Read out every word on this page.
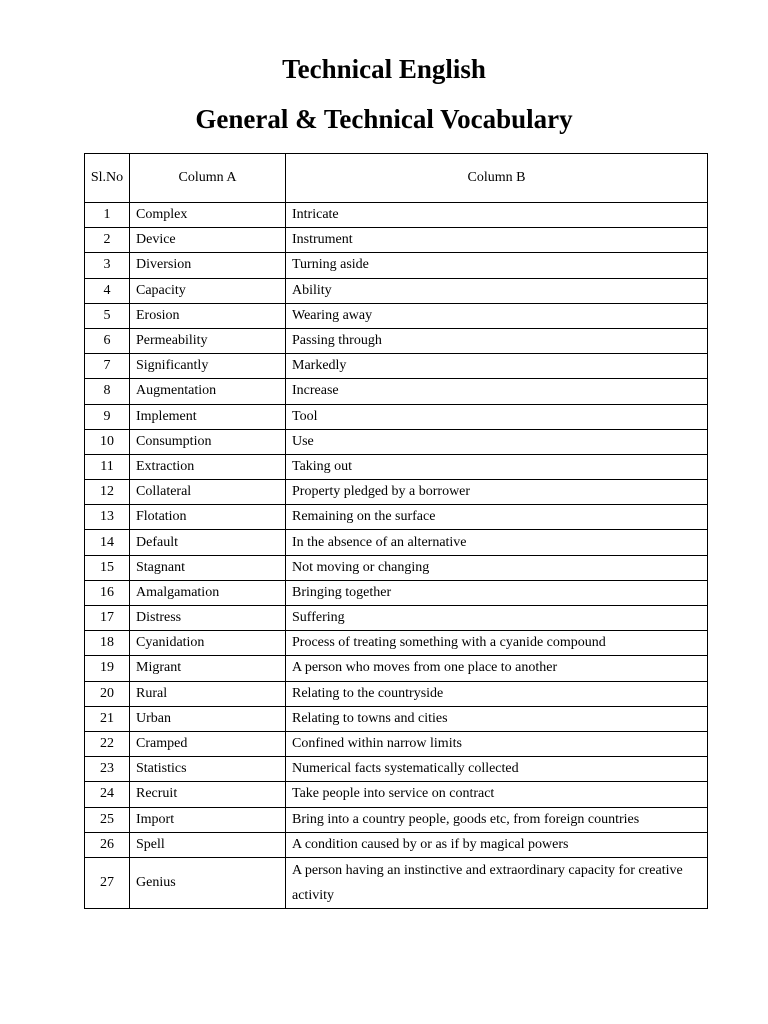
Technical English
General & Technical Vocabulary
Sl.No	Column A	Column B
1	Complex	Intricate
2	Device	Instrument
3	Diversion	Turning aside
4	Capacity	Ability
5	Erosion	Wearing away
6	Permeability	Passing through
7	Significantly	Markedly
8	Augmentation	Increase
9	Implement	Tool
10	Consumption	Use
11	Extraction	Taking out
12	Collateral	Property pledged by a borrower
13	Flotation	Remaining on the surface
14	Default	In the absence of an alternative
15	Stagnant	Not moving or changing
16	Amalgamation	Bringing together
17	Distress	Suffering
18	Cyanidation	Process of treating something with a cyanide compound
19	Migrant	A person who moves from one place to another
20	Rural	Relating to the countryside
21	Urban	Relating to towns and cities
22	Cramped	Confined within narrow limits
23	Statistics	Numerical facts systematically collected
24	Recruit	Take people into service on contract
25	Import	Bring into a country people, goods etc, from foreign countries
26	Spell	A condition caused by or as if by magical powers
27	Genius	A person having an instinctive and extraordinary capacity for creative activity
